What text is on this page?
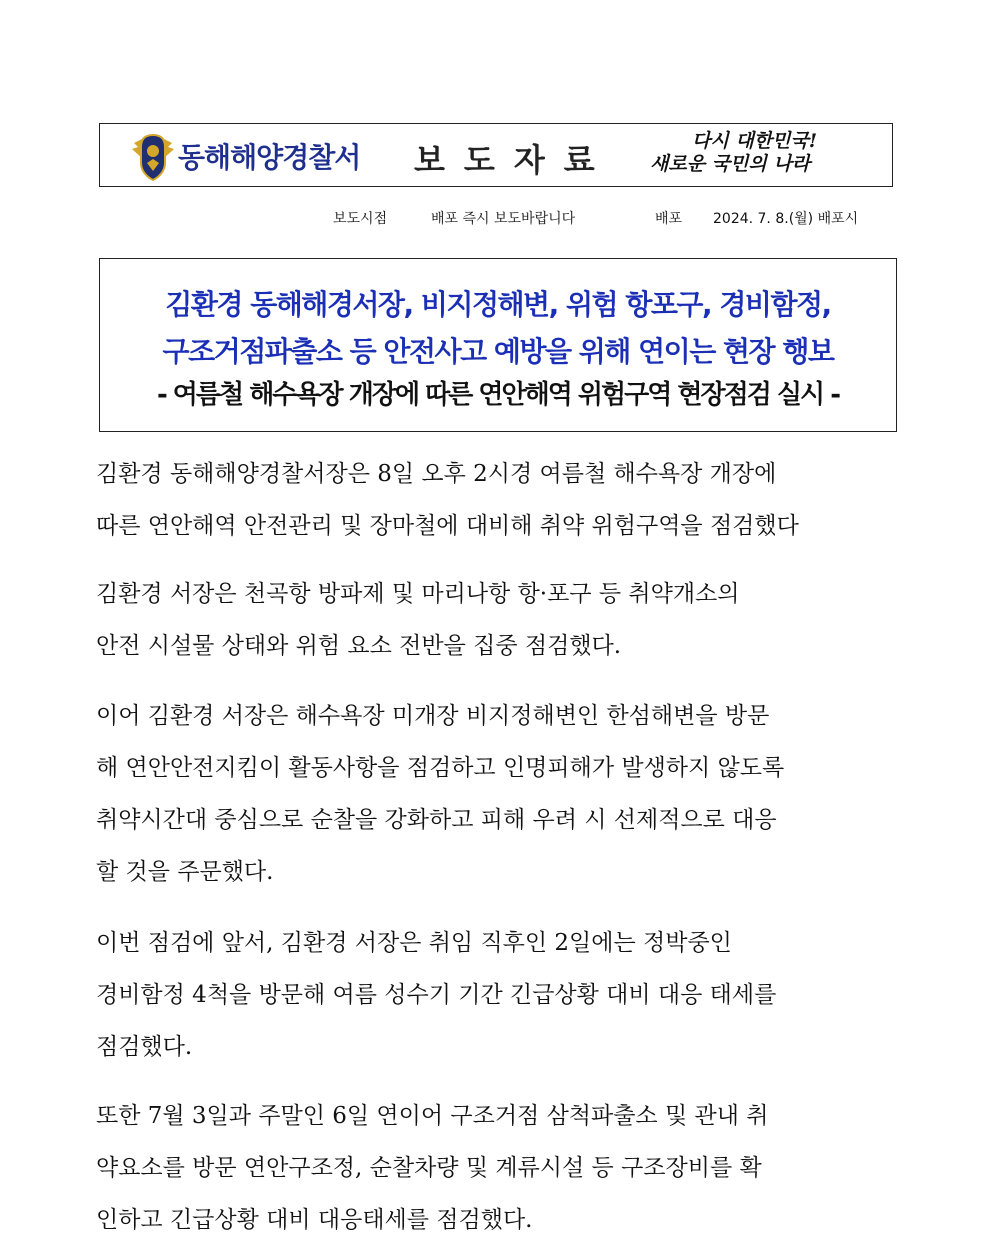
동해해양경찰서 보도자료	다시 대한민국!
새로운 국민의 나라
보도시점	배포 즉시 보도바랍니다	배포 2024. 7. 8.(월) 배포시
김환경 동해해경서장, 비지정해변, 위험 항포구, 경비함정,
구조거점파출소 등 안전사고 예방을 위해 연이는 현장 행보
- 여름철 해수욕장 개장에 따른 연안해역 위험구역 현장점검 실시 -
김환경 동해해양경찰서장은 8일 오후 2시경 여름철 해수욕장 개장에
따른 연안해역 안전관리 및 장마철에 대비해 취약 위험구역을 점검했다
김환경 서장은 천곡항 방파제 및 마리나항 항·포구 등 취약개소의
안전 시설물 상태와 위험 요소 전반을 집중 점검했다.
이어 김환경 서장은 해수욕장 미개장 비지정해변인 한섬해변을 방문
해 연안안전지킴이 활동사항을 점검하고 인명피해가 발생하지 않도록
취약시간대 중심으로 순찰을 강화하고 피해 우려 시 선제적으로 대응
할 것을 주문했다.
이번 점검에 앞서, 김환경 서장은 취임 직후인 2일에는 정박중인
경비함정 4척을 방문해 여름 성수기 기간 긴급상황 대비 대응 태세를
점검했다.
또한 7월 3일과 주말인 6일 연이어 구조거점 삼척파출소 및 관내 취
약요소를 방문 연안구조정, 순찰차량 및 계류시설 등 구조장비를 확
인하고 긴급상황 대비 대응태세를 점검했다.
